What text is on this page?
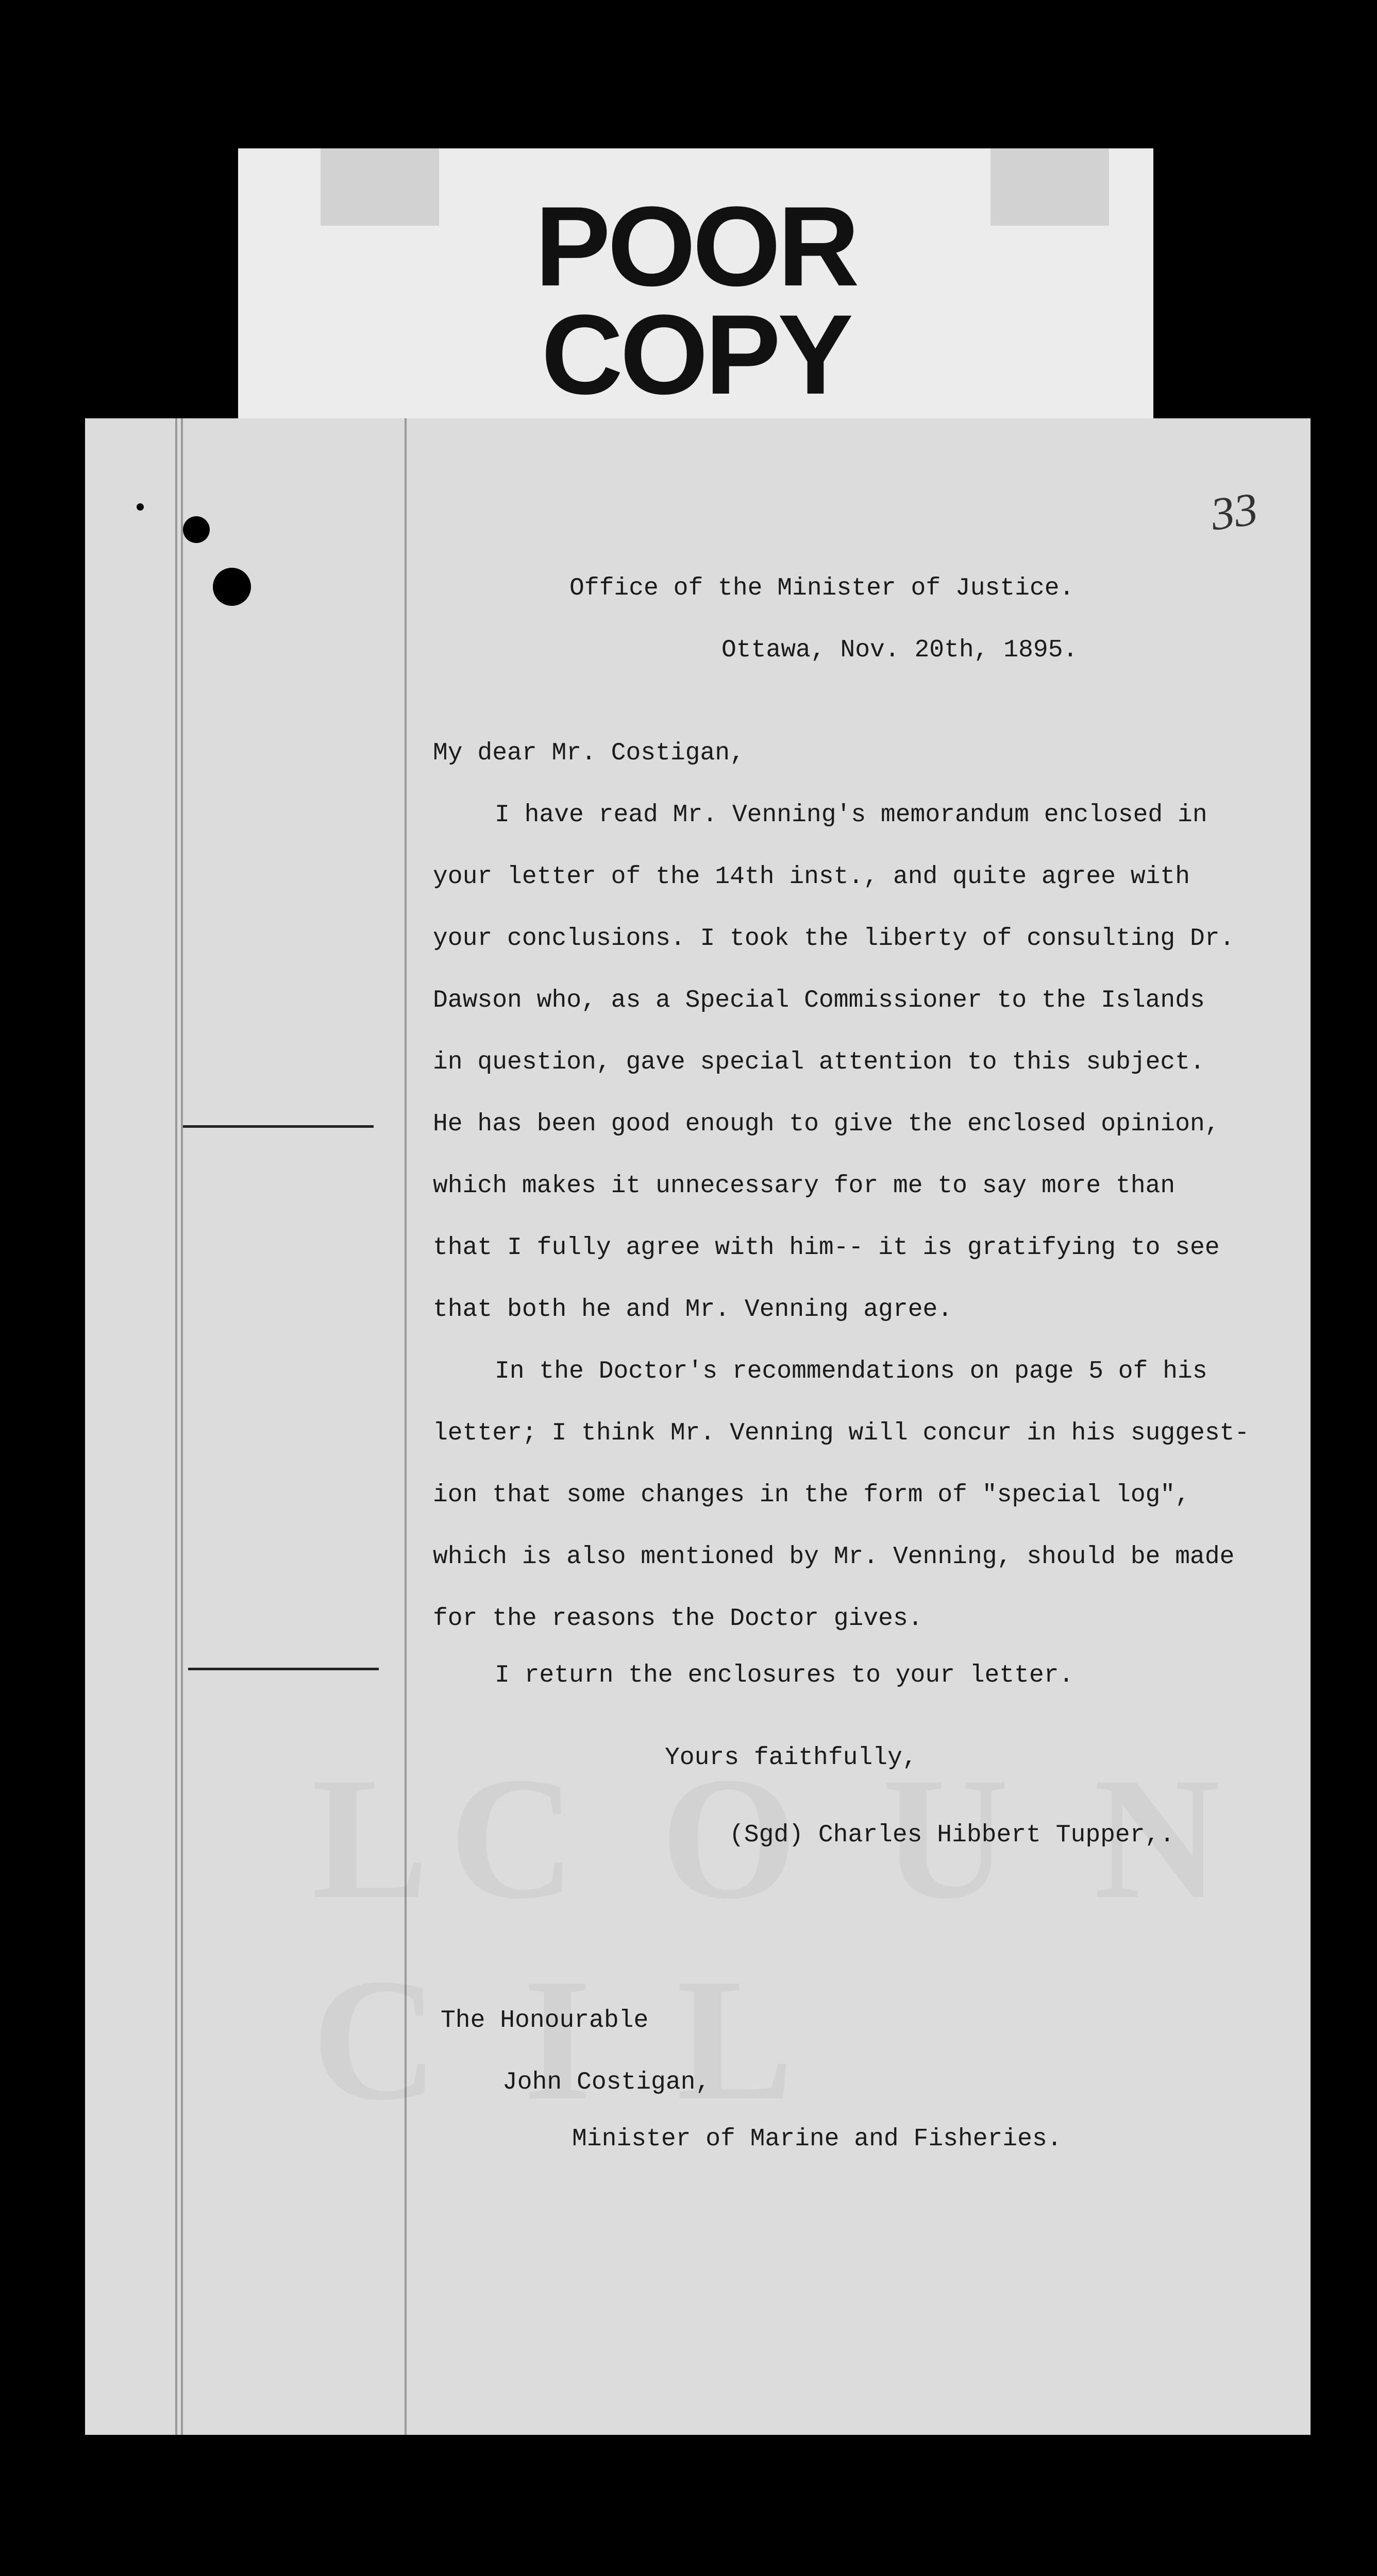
POOR
COPY
33
Office of the Minister of Justice.
Ottawa, Nov. 20th, 1895.
My dear Mr. Costigan,
I have read Mr. Venning's memorandum enclosed in
your letter of the 14th inst., and quite agree with
your conclusions. I took the liberty of consulting Dr.
Dawson who, as a Special Commissioner to the Islands
in question, gave special attention to this subject.
He has been good enough to give the enclosed opinion,
which makes it unnecessary for me to say more than
that I fully agree with him-- it is gratifying to see
that both he and Mr. Venning agree.
In the Doctor's recommendations on page 5 of his
letter; I think Mr. Venning will concur in his suggest-
ion that some changes in the form of "special log",
which is also mentioned by Mr. Venning, should be made
for the reasons the Doctor gives.
I return the enclosures to your letter.
Yours faithfully,
(Sgd) Charles Hibbert Tupper,.
The Honourable
John Costigan,
Minister of Marine and Fisheries.
